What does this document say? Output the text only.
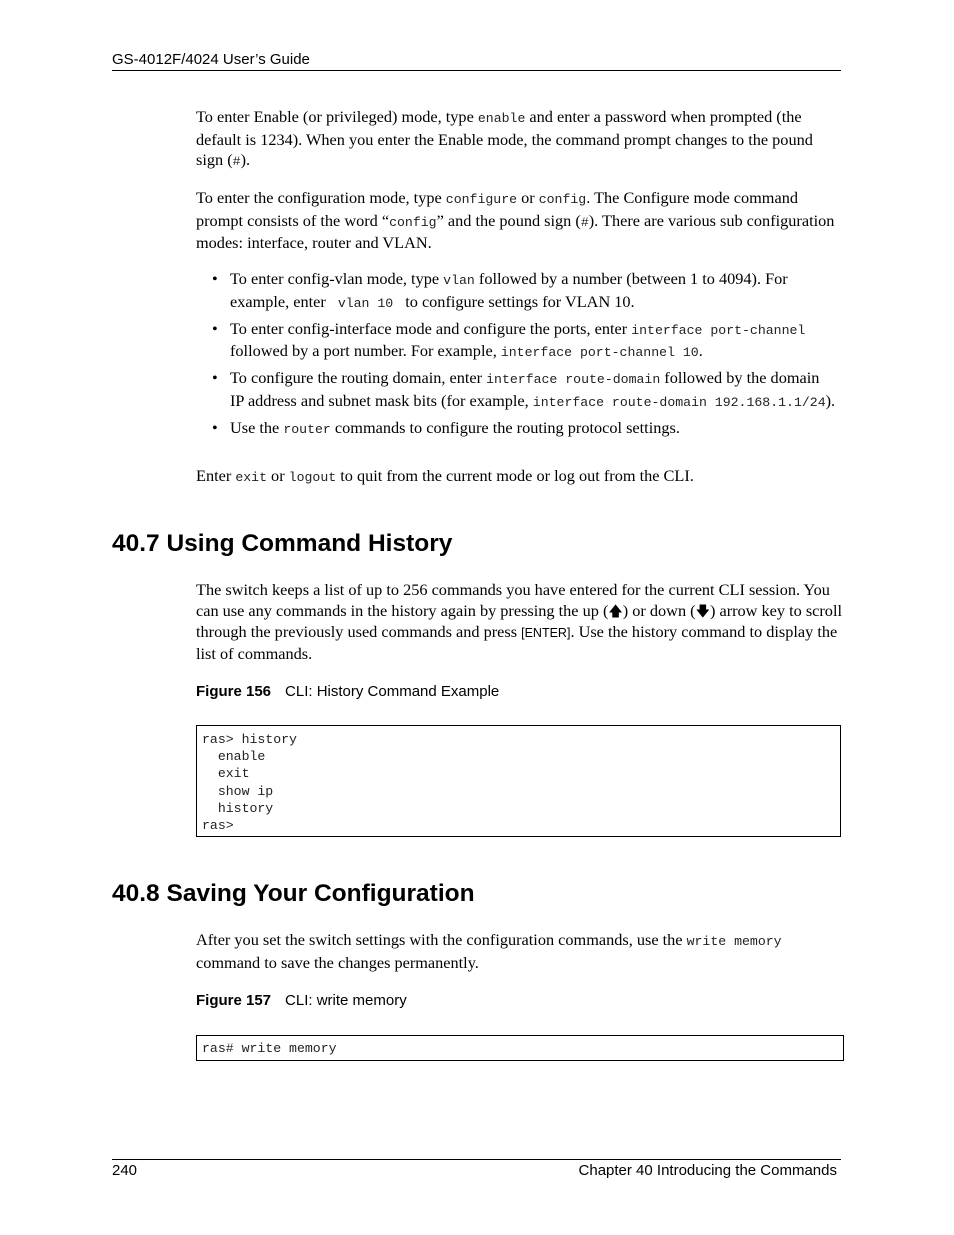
GS-4012F/4024 User’s Guide
To enter Enable (or privileged) mode, type enable and enter a password when prompted (the default is 1234). When you enter the Enable mode, the command prompt changes to the pound sign (#).
To enter the configuration mode, type configure or config. The Configure mode command prompt consists of the word “config” and the pound sign (#). There are various sub configuration modes: interface, router and VLAN.
• To enter config-vlan mode, type vlan followed by a number (between 1 to 4094). For example, enter  vlan 10  to configure settings for VLAN 10.
• To enter config-interface mode and configure the ports, enter interface port-channel followed by a port number. For example, interface port-channel 10.
• To configure the routing domain, enter interface route-domain followed by the domain IP address and subnet mask bits (for example, interface route-domain 192.168.1.1/24).
• Use the router commands to configure the routing protocol settings.
Enter exit or logout to quit from the current mode or log out from the CLI.
40.7 Using Command History
The switch keeps a list of up to 256 commands you have entered for the current CLI session. You can use any commands in the history again by pressing the up (🡅) or down (🡇) arrow key to scroll through the previously used commands and press [ENTER]. Use the history command to display the list of commands.
Figure 156 CLI: History Command Example
ras> history
enable
exit
show ip
history
ras>
40.8 Saving Your Configuration
After you set the switch settings with the configuration commands, use the write memory command to save the changes permanently.
Figure 157 CLI: write memory
ras# write memory
240	Chapter 40 Introducing the Commands
